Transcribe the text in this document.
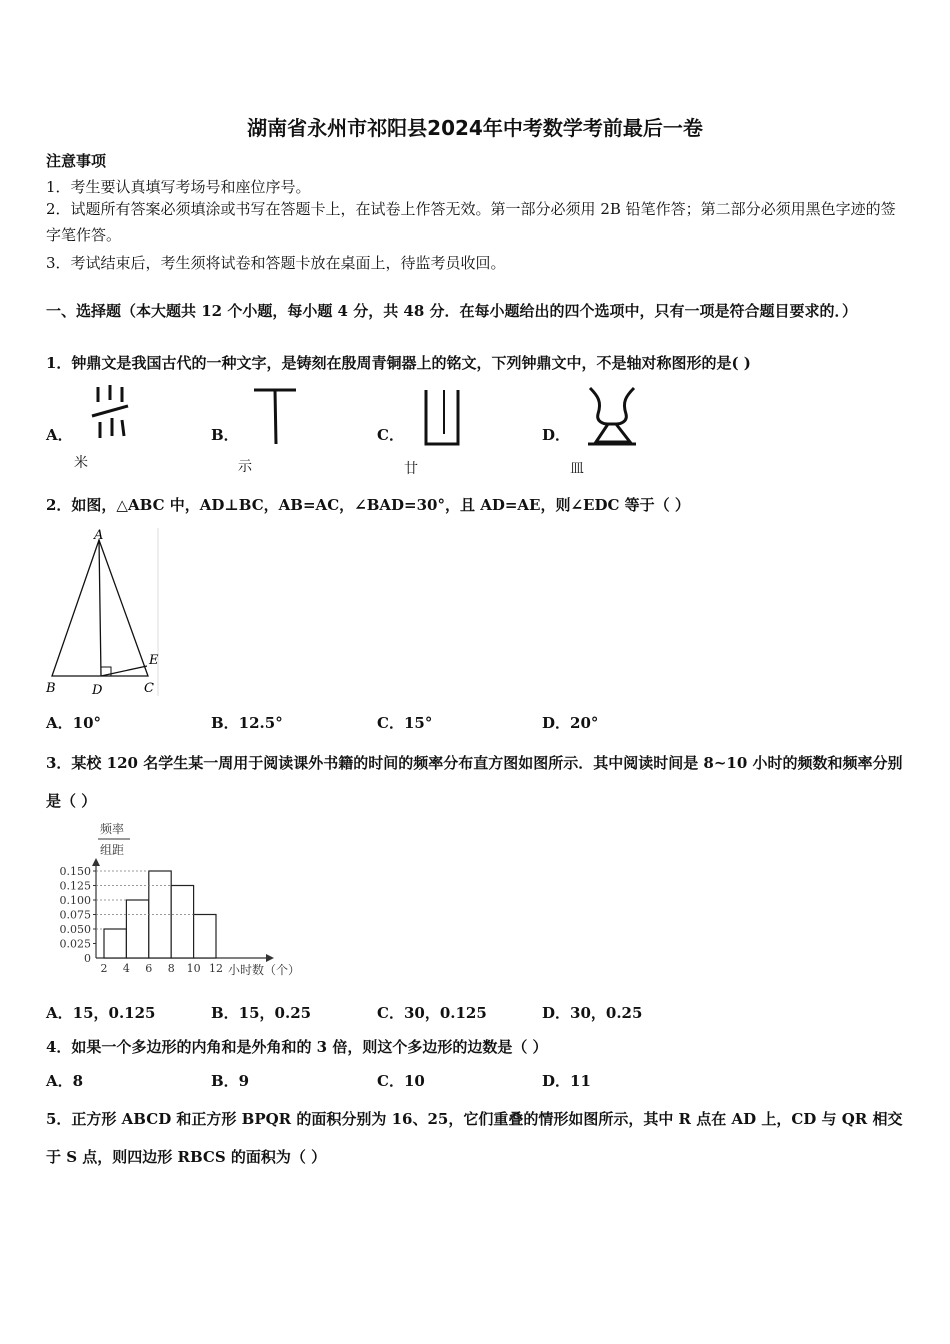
湖南省永州市祁阳县2024年中考数学考前最后一卷
注意事项
1．考生要认真填写考场号和座位序号。
2．试题所有答案必须填涂或书写在答题卡上，在试卷上作答无效。第一部分必须用 2B 铅笔作答；第二部分必须用黑色字迹的签字笔作答。
3．考试结束后，考生须将试卷和答题卡放在桌面上，待监考员收回。
一、选择题（本大题共 12 个小题，每小题 4 分，共 48 分．在每小题给出的四个选项中，只有一项是符合题目要求的．）
1．钟鼎文是我国古代的一种文字，是铸刻在殷周青铜器上的铭文，下列钟鼎文中，不是轴对称图形的是( )
A．
米
B．
示
C．
廿
D．
皿
2．如图，△ABC 中，AD⊥BC，AB=AC，∠BAD=30°，且 AD=AE，则∠EDC 等于（ ）
A
B	D	C
E
A．10°	B．12.5°	C．15°	D．20°
3．某校 120 名学生某一周用于阅读课外书籍的时间的频率分布直方图如图所示．其中阅读时间是 8~10 小时的频数和频率分别是（ ）
频率
组距
小时数（个）
0
0.025
0.050
0.075
0.100
0.125
0.150
2 4 6 8 10 12
A．15，0.125	B．15，0.25	C．30，0.125	D．30，0.25
4．如果一个多边形的内角和是外角和的 3 倍，则这个多边形的边数是（ ）
A．8	B．9	C．10	D．11
5．正方形 ABCD 和正方形 BPQR 的面积分别为 16、25，它们重叠的情形如图所示，其中 R 点在 AD 上，CD 与 QR 相交于 S 点，则四边形 RBCS 的面积为（ ）
